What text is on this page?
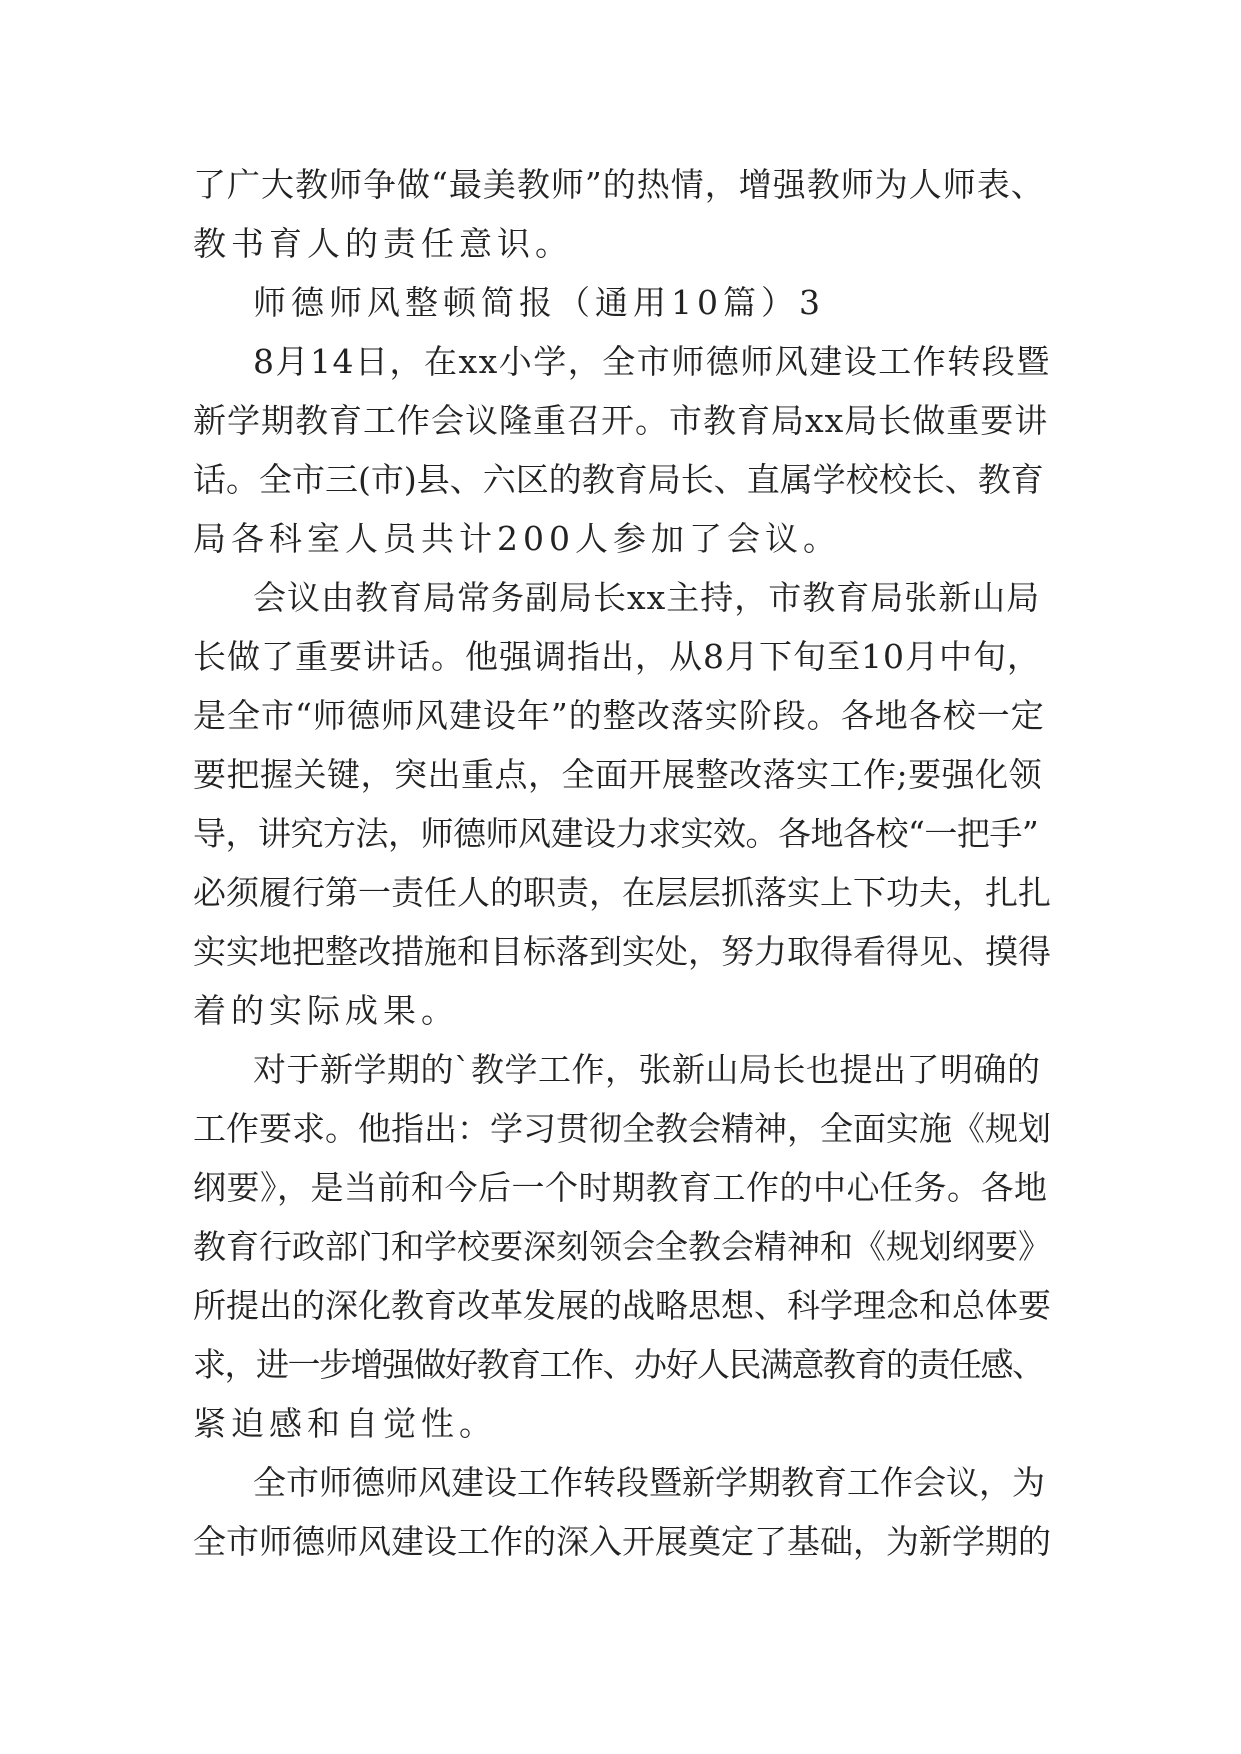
了广大教师争做“最美教师”的热情，增强教师为人师表、
教书育人的责任意识。
师德师风整顿简报（通用10篇）3
8月14日，在xx小学，全市师德师风建设工作转段暨
新学期教育工作会议隆重召开。市教育局xx局长做重要讲
话。全市三(市)县、六区的教育局长、直属学校校长、教育
局各科室人员共计200人参加了会议。
会议由教育局常务副局长xx主持，市教育局张新山局
长做了重要讲话。他强调指出，从8月下旬至10月中旬，
是全市“师德师风建设年”的整改落实阶段。各地各校一定
要把握关键，突出重点，全面开展整改落实工作;要强化领
导，讲究方法，师德师风建设力求实效。各地各校“一把手”
必须履行第一责任人的职责，在层层抓落实上下功夫，扎扎
实实地把整改措施和目标落到实处，努力取得看得见、摸得
着的实际成果。
对于新学期的`教学工作，张新山局长也提出了明确的
工作要求。他指出：学习贯彻全教会精神，全面实施《规划
纲要》，是当前和今后一个时期教育工作的中心任务。各地
教育行政部门和学校要深刻领会全教会精神和《规划纲要》
所提出的深化教育改革发展的战略思想、科学理念和总体要
求，进一步增强做好教育工作、办好人民满意教育的责任感、
紧迫感和自觉性。
全市师德师风建设工作转段暨新学期教育工作会议，为
全市师德师风建设工作的深入开展奠定了基础，为新学期的
